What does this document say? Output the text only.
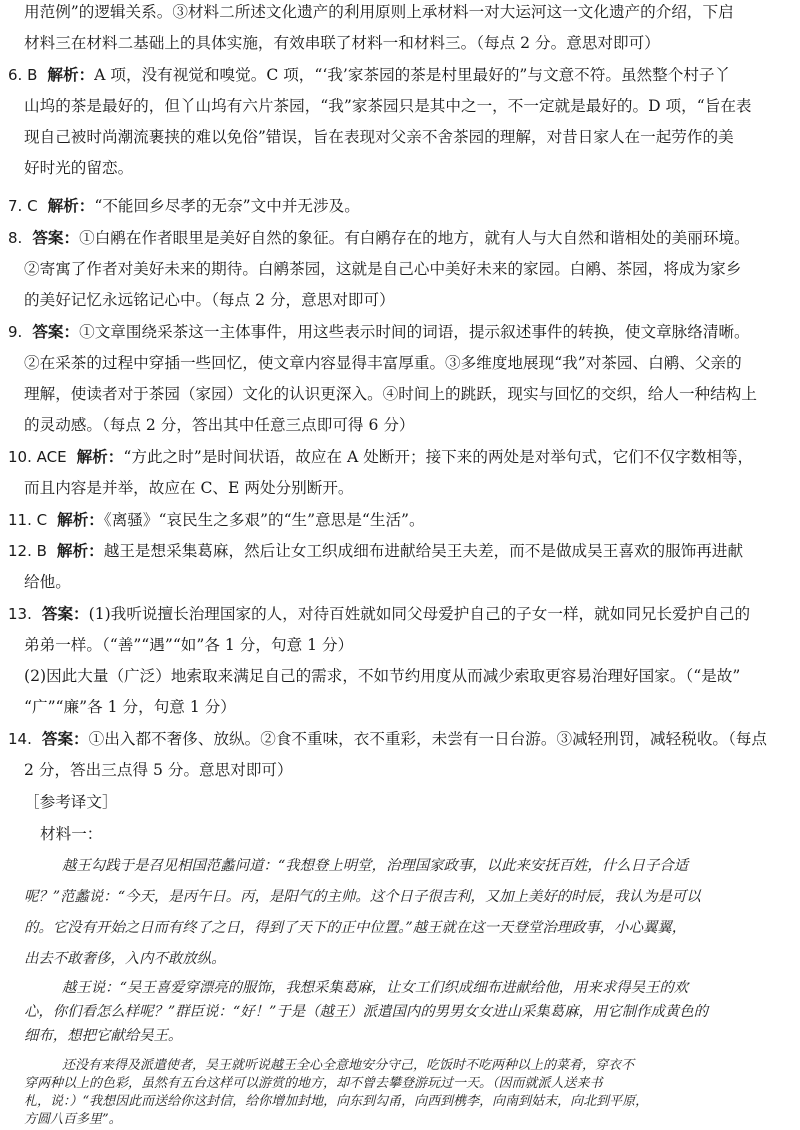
用范例”的逻辑关系。③材料二所述文化遗产的利用原则上承材料一对大运河这一文化遗产的介绍，下启
材料三在材料二基础上的具体实施，有效串联了材料一和材料三。（每点 2 分。意思对即可）
6. B 解析：A 项，没有视觉和嗅觉。C 项，“‘我’家茶园的茶是村里最好的”与文意不符。虽然整个村子丫
山坞的茶是最好的，但丫山坞有六片茶园，“我”家茶园只是其中之一，不一定就是最好的。D 项，“旨在表
现自己被时尚潮流裹挟的难以免俗”错误，旨在表现对父亲不舍茶园的理解，对昔日家人在一起劳作的美
好时光的留恋。
7. C 解析：“不能回乡尽孝的无奈”文中并无涉及。
8. 答案：①白鹇在作者眼里是美好自然的象征。有白鹇存在的地方，就有人与大自然和谐相处的美丽环境。
②寄寓了作者对美好未来的期待。白鹇茶园，这就是自己心中美好未来的家园。白鹇、茶园，将成为家乡
的美好记忆永远铭记心中。（每点 2 分，意思对即可）
9. 答案：①文章围绕采茶这一主体事件，用这些表示时间的词语，提示叙述事件的转换，使文章脉络清晰。
②在采茶的过程中穿插一些回忆，使文章内容显得丰富厚重。③多维度地展现“我”对茶园、白鹇、父亲的
理解，使读者对于茶园（家园）文化的认识更深入。④时间上的跳跃，现实与回忆的交织，给人一种结构上
的灵动感。（每点 2 分，答出其中任意三点即可得 6 分）
10. ACE 解析：“方此之时”是时间状语，故应在 A 处断开；接下来的两处是对举句式，它们不仅字数相等，
而且内容是并举，故应在 C、E 两处分别断开。
11. C 解析：《离骚》“哀民生之多艰”的“生”意思是“生活”。
12. B 解析：越王是想采集葛麻，然后让女工织成细布进献给吴王夫差，而不是做成吴王喜欢的服饰再进献
给他。
13. 答案：(1)我听说擅长治理国家的人，对待百姓就如同父母爱护自己的子女一样，就如同兄长爱护自己的
弟弟一样。（“善”“遇”“如”各 1 分，句意 1 分）
(2)因此大量（广泛）地索取来满足自己的需求，不如节约用度从而减少索取更容易治理好国家。（“是故”
“广”“廉”各 1 分，句意 1 分）
14. 答案：①出入都不奢侈、放纵。②食不重味，衣不重彩，未尝有一日台游。③减轻刑罚，减轻税收。（每点
2 分，答出三点得 5 分。意思对即可）
［参考译文］
材料一：
越王勾践于是召见相国范蠡问道：“我想登上明堂，治理国家政事，以此来安抚百姓，什么日子合适
呢？”范蠡说：“今天，是丙午日。丙，是阳气的主帅。这个日子很吉利，又加上美好的时辰，我认为是可以
的。它没有开始之日而有终了之日，得到了天下的正中位置。”越王就在这一天登堂治理政事，小心翼翼，
出去不敢奢侈，入内不敢放纵。
越王说：“吴王喜爱穿漂亮的服饰，我想采集葛麻，让女工们织成细布进献给他，用来求得吴王的欢
心，你们看怎么样呢？”群臣说：“好！”于是（越王）派遣国内的男男女女进山采集葛麻，用它制作成黄色的
细布，想把它献给吴王。
还没有来得及派遣使者，吴王就听说越王全心全意地安分守己，吃饭时不吃两种以上的菜肴，穿衣不
穿两种以上的色彩，虽然有五台这样可以游赏的地方，却不曾去攀登游玩过一天。（因而就派人送来书
札，说：）“我想因此而送给你这封信，给你增加封地，向东到勾甬，向西到槜李，向南到姑末，向北到平原，
方圆八百多里”。
